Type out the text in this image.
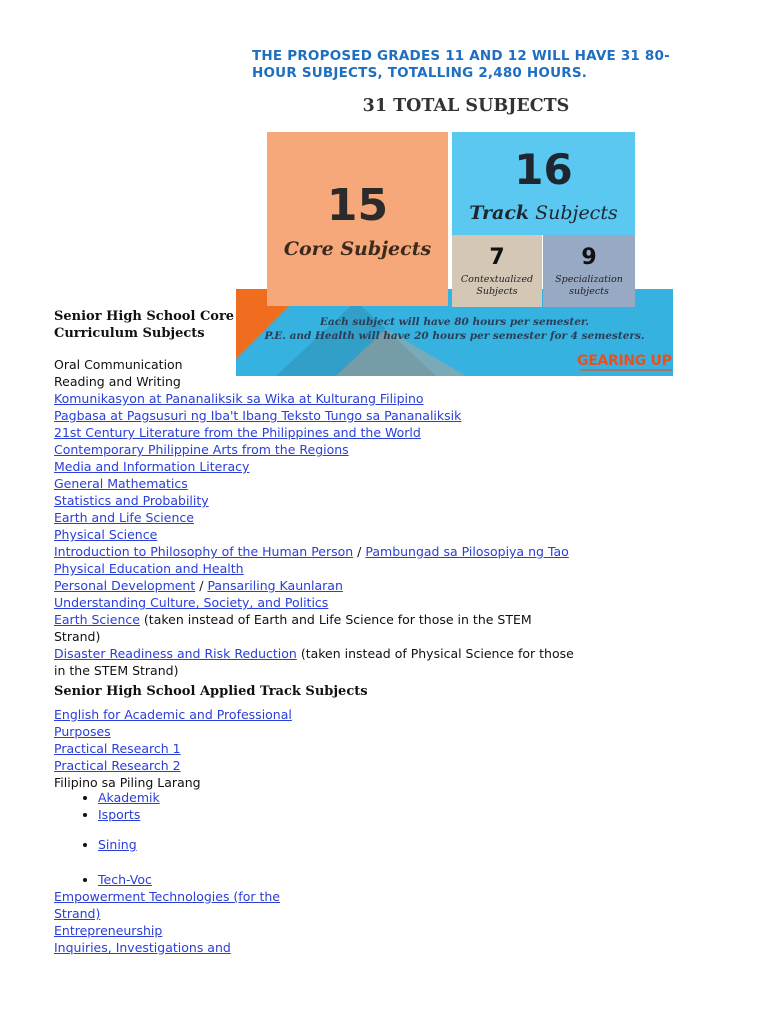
THE PROPOSED GRADES 11 AND 12 WILL HAVE 31 80-HOUR SUBJECTS, TOTALLING 2,480 HOURS.
31 TOTAL SUBJECTS
15
Core Subjects
16
Track Subjects
7
Contextualized Subjects
9
Specialization subjects
Each subject will have 80 hours per semester.
P.E. and Health will have 20 hours per semester for 4 semesters.
GEARING UP
Senior High School Core
Curriculum Subjects
Oral Communication
Reading and Writing
Komunikasyon at Pananaliksik sa Wika at Kulturang Filipino
Pagbasa at Pagsusuri ng Iba't Ibang Teksto Tungo sa Pananaliksik
21st Century Literature from the Philippines and the World
Contemporary Philippine Arts from the Regions
Media and Information Literacy
General Mathematics
Statistics and Probability
Earth and Life Science
Physical Science
Introduction to Philosophy of the Human Person / Pambungad sa Pilosopiya ng Tao
Physical Education and Health
Personal Development / Pansariling Kaunlaran
Understanding Culture, Society, and Politics
Earth Science (taken instead of Earth and Life Science for those in the STEM
Strand)
Disaster Readiness and Risk Reduction (taken instead of Physical Science for those
in the STEM Strand)
Senior High School Applied Track Subjects
English for Academic and Professional
Purposes
Practical Research 1
Practical Research 2
Filipino sa Piling Larang
• Akademik
• Isports
• Sining
• Tech-Voc
Empowerment Technologies (for the
Strand)
Entrepreneurship
Inquiries, Investigations and
